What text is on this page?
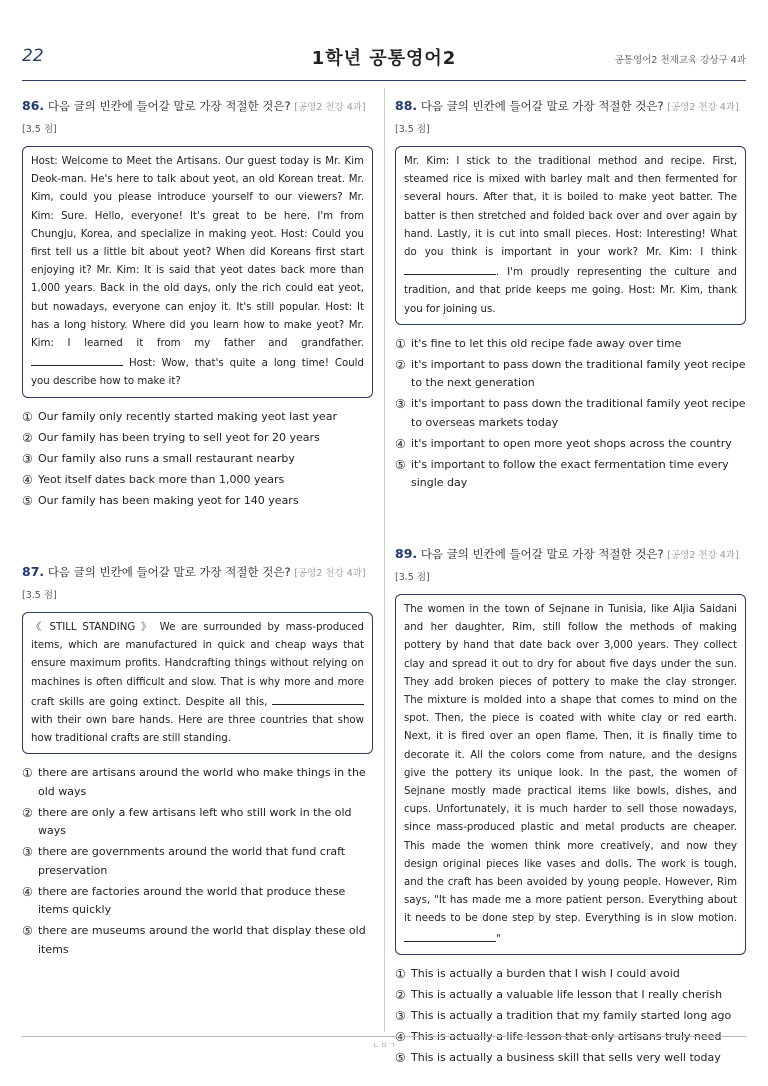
22	1학년 공통영어2	공통영어2 천재교육 강상구 4과
86. 다음 글의 빈칸에 들어갈 말로 가장 적절한 것은? [공영2 천강 4과] [3.5 점]
Host: Welcome to Meet the Artisans. Our guest today is Mr. Kim Deok-man. He's here to talk about yeot, an old Korean treat. Mr. Kim, could you please introduce yourself to our viewers? Mr. Kim: Sure. Hello, everyone! It's great to be here. I'm from Chungju, Korea, and specialize in making yeot. Host: Could you first tell us a little bit about yeot? When did Koreans first start enjoying it? Mr. Kim: It is said that yeot dates back more than 1,000 years. Back in the old days, only the rich could eat yeot, but nowadays, everyone can enjoy it. It's still popular. Host: It has a long history. Where did you learn how to make yeot? Mr. Kim: I learned it from my father and grandfather.  Host: Wow, that's quite a long time! Could you describe how to make it?
① Our family only recently started making yeot last year
② Our family has been trying to sell yeot for 20 years
③ Our family also runs a small restaurant nearby
④ Yeot itself dates back more than 1,000 years
⑤ Our family has been making yeot for 140 years
87. 다음 글의 빈칸에 들어갈 말로 가장 적절한 것은? [공영2 천강 4과] [3.5 점]
《 STILL STANDING 》 We are surrounded by mass-produced items, which are manufactured in quick and cheap ways that ensure maximum profits. Handcrafting things without relying on machines is often difficult and slow. That is why more and more craft skills are going extinct. Despite all this,  with their own bare hands. Here are three countries that show how traditional crafts are still standing.
① there are artisans around the world who make things in the old ways
② there are only a few artisans left who still work in the old ways
③ there are governments around the world that fund craft preservation
④ there are factories around the world that produce these items quickly
⑤ there are museums around the world that display these old items
88. 다음 글의 빈칸에 들어갈 말로 가장 적절한 것은? [공영2 천강 4과] [3.5 점]
Mr. Kim: I stick to the traditional method and recipe. First, steamed rice is mixed with barley malt and then fermented for several hours. After that, it is boiled to make yeot batter. The batter is then stretched and folded back over and over again by hand. Lastly, it is cut into small pieces. Host: Interesting! What do you think is important in your work? Mr. Kim: I think . I'm proudly representing the culture and tradition, and that pride keeps me going. Host: Mr. Kim, thank you for joining us.
① it's fine to let this old recipe fade away over time
② it's important to pass down the traditional family yeot recipe to the next generation
③ it's important to pass down the traditional family yeot recipe to overseas markets today
④ it's important to open more yeot shops across the country
⑤ it's important to follow the exact fermentation time every single day
89. 다음 글의 빈칸에 들어갈 말로 가장 적절한 것은? [공영2 천강 4과] [3.5 점]
The women in the town of Sejnane in Tunisia, like Aljia Saidani and her daughter, Rim, still follow the methods of making pottery by hand that date back over 3,000 years. They collect clay and spread it out to dry for about five days under the sun. They add broken pieces of pottery to make the clay stronger. The mixture is molded into a shape that comes to mind on the spot. Then, the piece is coated with white clay or red earth. Next, it is fired over an open flame. Then, it is finally time to decorate it. All the colors come from nature, and the designs give the pottery its unique look. In the past, the women of Sejnane mostly made practical items like bowls, dishes, and cups. Unfortunately, it is much harder to sell those nowadays, since mass-produced plastic and metal products are cheaper. This made the women think more creatively, and now they design original pieces like vases and dolls. The work is tough, and the craft has been avoided by young people. However, Rim says, "It has made me a more patient person. Everything about it needs to be done step by step. Everything is in slow motion. "
① This is actually a burden that I wish I could avoid
② This is actually a valuable life lesson that I really cherish
③ This is actually a tradition that my family started long ago
④ This is actually a life lesson that only artisans truly need
⑤ This is actually a business skill that sells very well today
ㄴㅇㄱ
